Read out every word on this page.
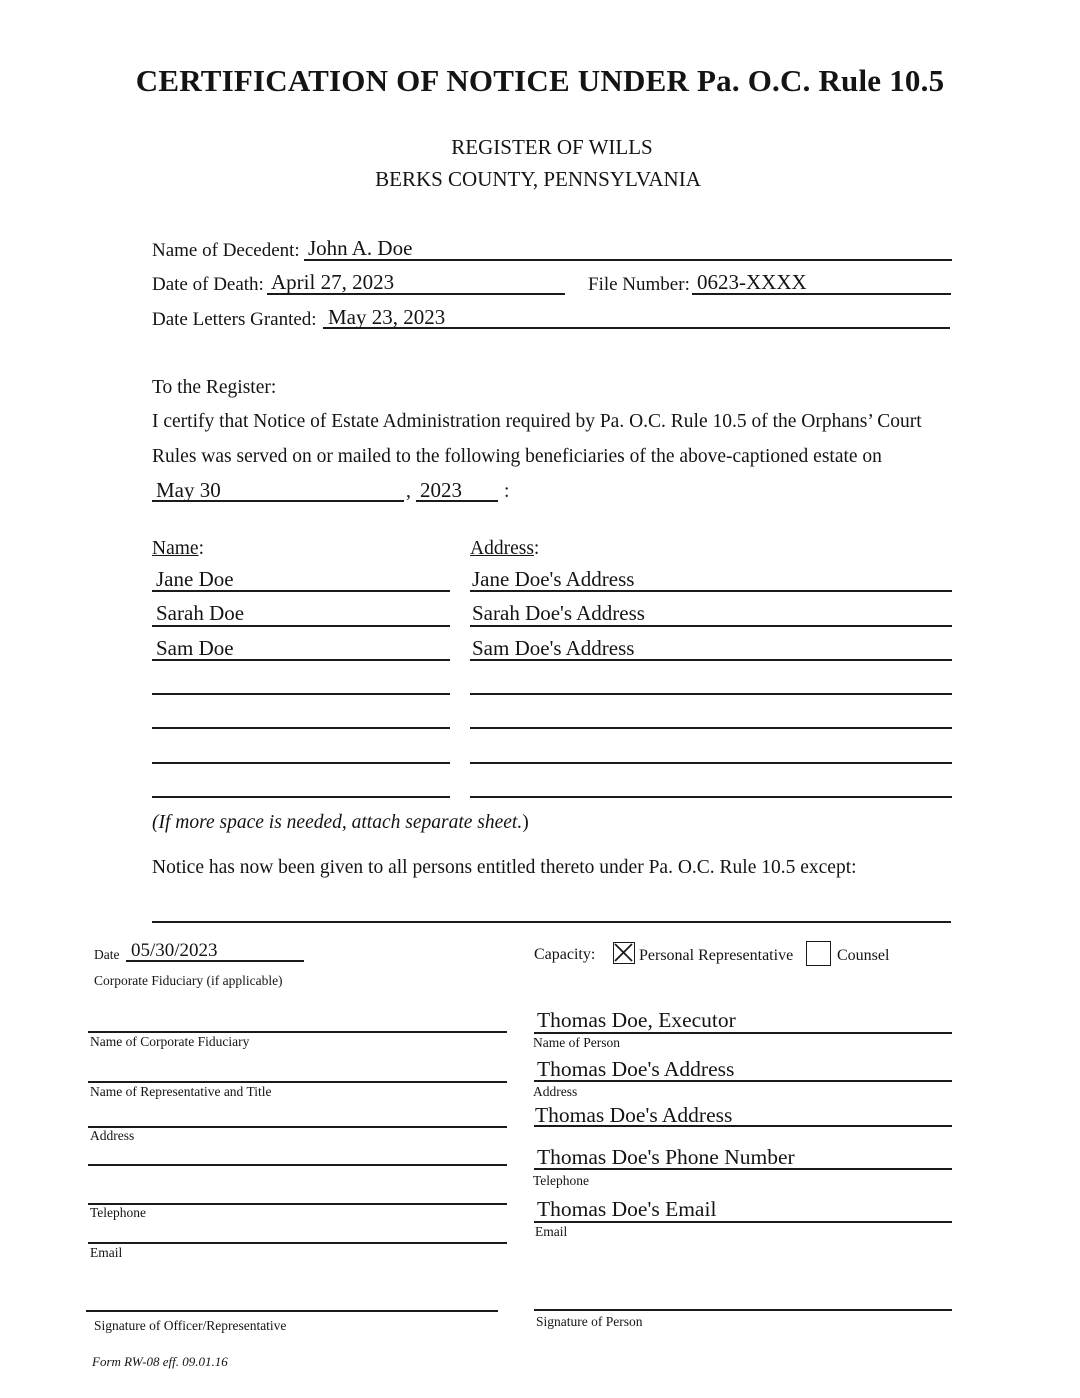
CERTIFICATION OF NOTICE UNDER Pa. O.C. Rule 10.5
REGISTER OF WILLS
BERKS COUNTY, PENNSYLVANIA
Name of Decedent: John A. Doe
Date of Death: April 27, 2023	File Number: 0623-XXXX
Date Letters Granted: May 23, 2023
To the Register:
I certify that Notice of Estate Administration required by Pa. O.C. Rule 10.5 of the Orphans’ Court
Rules was served on or mailed to the following beneficiaries of the above-captioned estate on
May 30	, 2023 :
Name:	Address:
Jane Doe	Jane Doe's Address
Sarah Doe	Sarah Doe's Address
Sam Doe	Sam Doe's Address
(If more space is needed, attach separate sheet.)
Notice has now been given to all persons entitled thereto under Pa. O.C. Rule 10.5 except:
Date 05/30/2023
Corporate Fiduciary (if applicable)
Name of Corporate Fiduciary
Name of Representative and Title
Address
Telephone
Email
Signature of Officer/Representative
Capacity:	Personal Representative	Counsel
Thomas Doe, Executor
Name of Person
Thomas Doe's Address
Address
Thomas Doe's Address
Thomas Doe's Phone Number
Telephone
Thomas Doe's Email
Email
Signature of Person
Form RW-08 eff. 09.01.16
